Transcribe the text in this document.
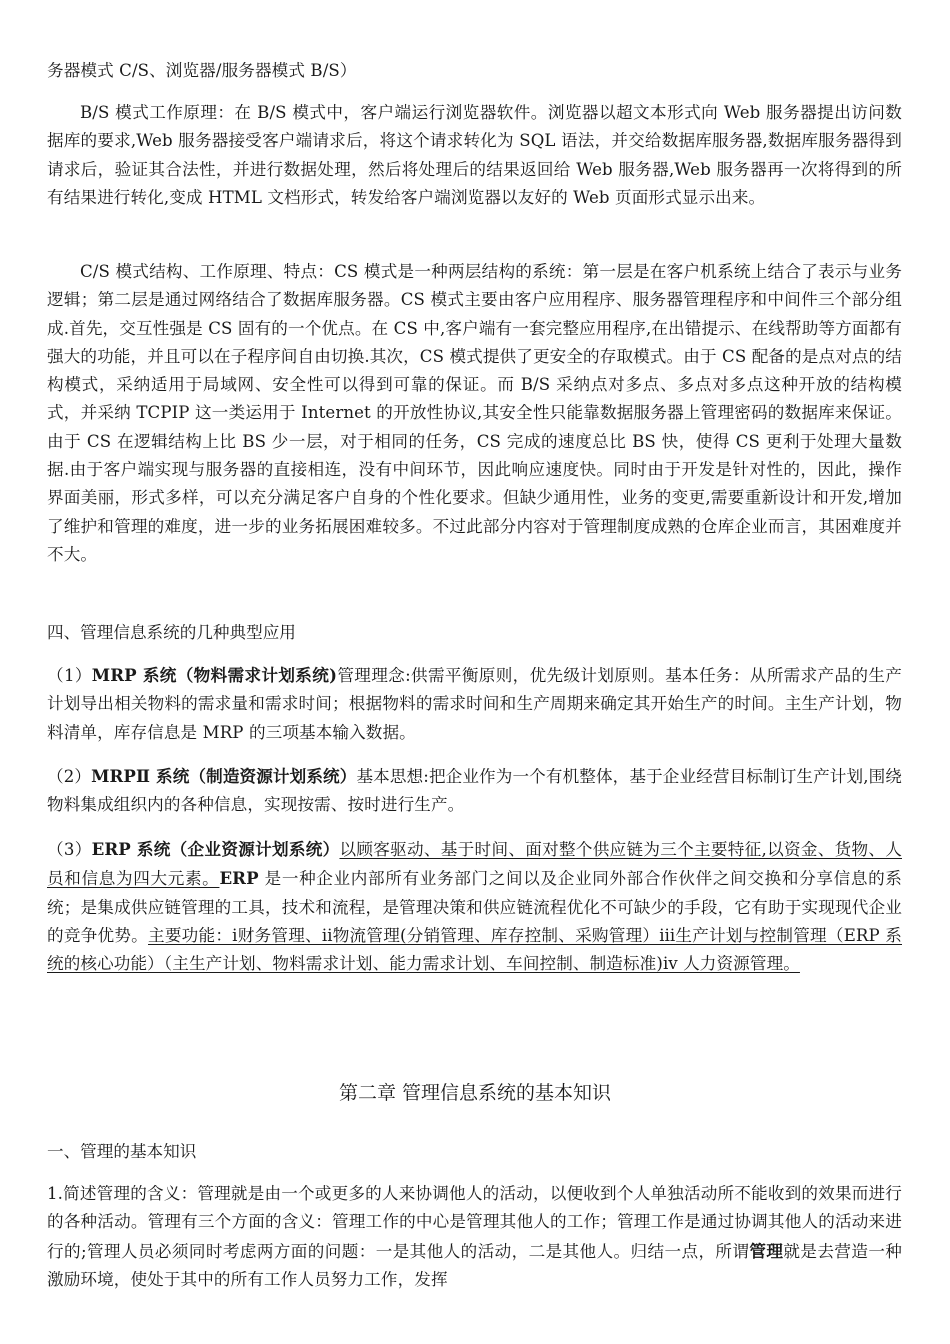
务器模式 C/S、浏览器/服务器模式 B/S）

B/S 模式工作原理：在 B/S 模式中，客户端运行浏览器软件。浏览器以超文本形式向 Web 服务器提出访问数据库的要求,Web 服务器接受客户端请求后，将这个请求转化为 SQL 语法，并交给数据库服务器,数据库服务器得到请求后，验证其合法性，并进行数据处理，然后将处理后的结果返回给 Web 服务器,Web 服务器再一次将得到的所有结果进行转化,变成 HTML 文档形式，转发给客户端浏览器以友好的 Web 页面形式显示出来。

C/S 模式结构、工作原理、特点：CS 模式是一种两层结构的系统：第一层是在客户机系统上结合了表示与业务逻辑；第二层是通过网络结合了数据库服务器。CS 模式主要由客户应用程序、服务器管理程序和中间件三个部分组成.首先，交互性强是 CS 固有的一个优点。在 CS 中,客户端有一套完整应用程序,在出错提示、在线帮助等方面都有强大的功能，并且可以在子程序间自由切换.其次，CS 模式提供了更安全的存取模式。由于 CS 配备的是点对点的结构模式，采纳适用于局域网、安全性可以得到可靠的保证。而 B/S 采纳点对多点、多点对多点这种开放的结构模式，并采纳 TCPIP 这一类运用于 Internet 的开放性协议,其安全性只能靠数据服务器上管理密码的数据库来保证。由于 CS 在逻辑结构上比 BS 少一层，对于相同的任务，CS 完成的速度总比 BS 快，使得 CS 更利于处理大量数据.由于客户端实现与服务器的直接相连，没有中间环节，因此响应速度快。同时由于开发是针对性的，因此，操作界面美丽，形式多样，可以充分满足客户自身的个性化要求。但缺少通用性，业务的变更,需要重新设计和开发,增加了维护和管理的难度，进一步的业务拓展困难较多。不过此部分内容对于管理制度成熟的仓库企业而言，其困难度并不大。

四、管理信息系统的几种典型应用

（1）MRP 系统（物料需求计划系统)管理理念:供需平衡原则，优先级计划原则。基本任务：从所需求产品的生产计划导出相关物料的需求量和需求时间；根据物料的需求时间和生产周期来确定其开始生产的时间。主生产计划，物料清单，库存信息是 MRP 的三项基本输入数据。

（2）MRPⅡ 系统（制造资源计划系统）基本思想:把企业作为一个有机整体，基于企业经营目标制订生产计划,围绕物料集成组织内的各种信息，实现按需、按时进行生产。

（3）ERP 系统（企业资源计划系统）以顾客驱动、基于时间、面对整个供应链为三个主要特征,以资金、货物、人员和信息为四大元素。ERP 是一种企业内部所有业务部门之间以及企业同外部合作伙伴之间交换和分享信息的系统；是集成供应链管理的工具，技术和流程，是管理决策和供应链流程优化不可缺少的手段，它有助于实现现代企业的竞争优势。主要功能：ⅰ财务管理、ⅱ物流管理(分销管理、库存控制、采购管理）ⅲ生产计划与控制管理（ERP 系统的核心功能）（主生产计划、物料需求计划、能力需求计划、车间控制、制造标准)ⅳ 人力资源管理。

第二章 管理信息系统的基本知识

一、管理的基本知识

1.简述管理的含义：管理就是由一个或更多的人来协调他人的活动，以便收到个人单独活动所不能收到的效果而进行的各种活动。管理有三个方面的含义：管理工作的中心是管理其他人的工作；管理工作是通过协调其他人的活动来进行的;管理人员必须同时考虑两方面的问题：一是其他人的活动，二是其他人。归结一点，所谓管理就是去营造一种激励环境，使处于其中的所有工作人员努力工作，发挥
